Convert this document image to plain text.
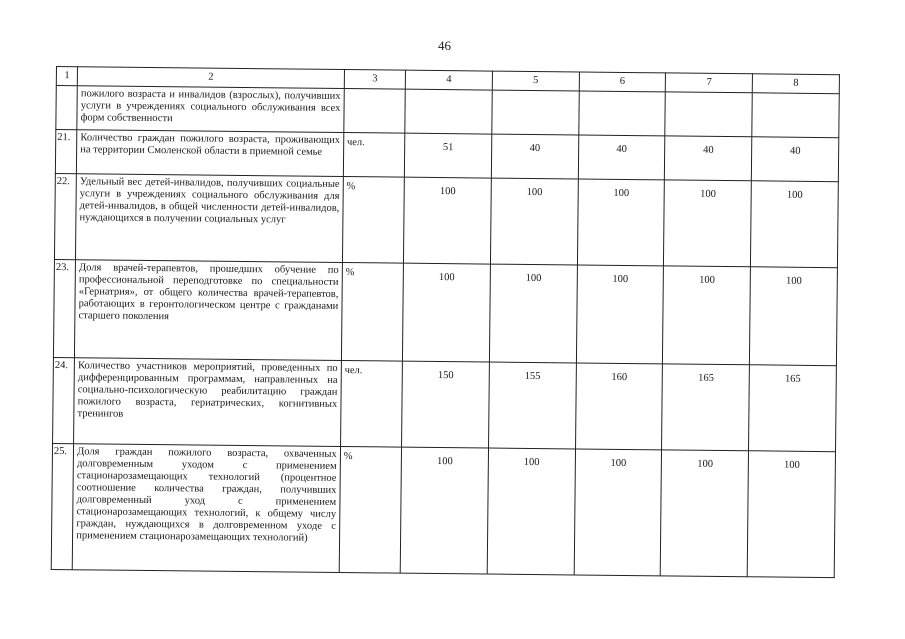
46
1	2	3	4	5	6	7	8

	пожилого возраста и инвалидов (взрослых), получивших услуги в учреждениях социального обслуживания всех форм собственности						

21.	Количество граждан пожилого возраста, проживающих на территории Смоленской области в приемной семье	чел.	51	40	40	40	40
22.	Удельный вес детей-инвалидов, получивших социальные услуги в учреждениях социального обслуживания для детей-инвалидов, в общей численности детей-инвалидов, нуждающихся в получении социальных услуг	%	100	100	100	100	100
23.	Доля врачей-терапевтов, прошедших обучение по профессиональной переподготовке по специальности «Гериатрия», от общего количества врачей-терапевтов, работающих в геронтологическом центре с гражданами старшего поколения	%	100	100	100	100	100
24.	Количество участников мероприятий, проведенных по дифференцированным программам, направленных на социально-психологическую реабилитацию граждан пожилого возраста, гериатрических, когнитивных тренингов	чел.	150	155	160	165	165
25.	Доля граждан пожилого возраста, охваченных долговременным уходом с применением стационарозамещающих технологий (процентное соотношение количества граждан, получивших долговременный уход с применением стационарозамещающих технологий, к общему числу граждан, нуждающихся в долговременном уходе с применением стационарозамещающих технологий)	%	100	100	100	100	100
